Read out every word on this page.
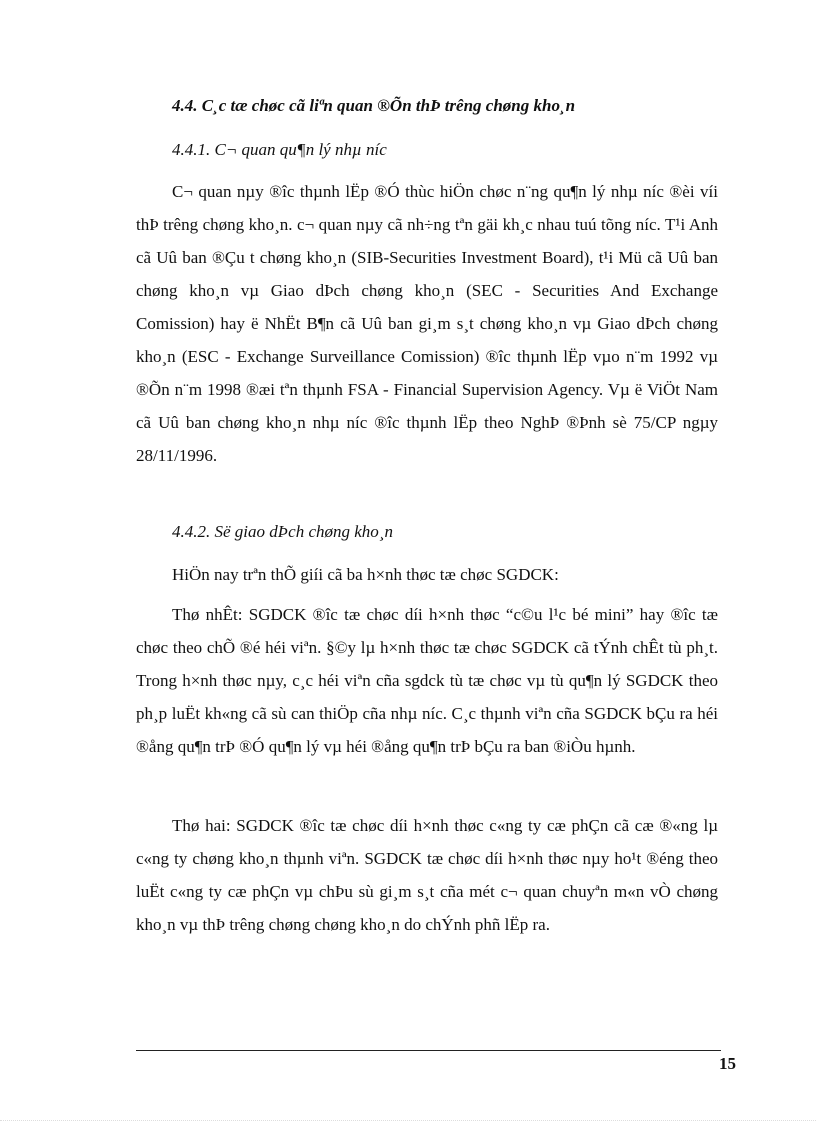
4.4. C¸c tæ chøc cã liªn quan ®Õn thÞ trêng chøng kho¸n
4.4.1. C¬ quan qu¶n lý nhµ níc

C¬ quan nµy ®îc thµnh lËp ®Ó thùc hiÖn chøc n¨ng qu¶n lý nhµ níc ®èi víi thÞ trêng chøng kho¸n. c¬ quan nµy cã nh÷ng tªn gäi kh¸c nhau tuú tõng níc. T¹i Anh cã Uû ban ®Çu t chøng kho¸n (SIB-Securities Investment Board), t¹i Mü cã Uû ban chøng kho¸n vµ Giao dÞch chøng kho¸n (SEC - Securities And Exchange Comission) hay ë NhËt B¶n cã Uû ban gi¸m s¸t chøng kho¸n vµ Giao dÞch chøng kho¸n (ESC - Exchange Surveillance Comission) ®îc thµnh lËp vµo n¨m 1992 vµ ®Õn n¨m 1998 ®æi tªn thµnh FSA - Financial Supervision Agency. Vµ ë ViÖt Nam cã Uû ban chøng kho¸n nhµ níc ®îc thµnh lËp theo NghÞ ®Þnh sè 75/CP ngµy 28/11/1996.

4.4.2. Së giao dÞch chøng kho¸n

HiÖn nay trªn thÕ giíi cã ba h×nh thøc tæ chøc SGDCK:

Thø nhÊt: SGDCK ®îc tæ chøc díi h×nh thøc “c©u l¹c bé mini” hay ®îc tæ chøc theo chÕ ®é héi viªn. §©y lµ h×nh thøc tæ chøc SGDCK cã tÝnh chÊt tù ph¸t. Trong h×nh thøc nµy, c¸c héi viªn cña sgdck tù tæ chøc vµ tù qu¶n lý SGDCK theo ph¸p luËt kh«ng cã sù can thiÖp cña nhµ níc. C¸c thµnh viªn cña SGDCK bÇu ra héi ®ång qu¶n trÞ ®Ó qu¶n lý vµ héi ®ång qu¶n trÞ bÇu ra ban ®iÒu hµnh.

Thø hai: SGDCK ®îc tæ chøc díi h×nh thøc c«ng ty cæ phÇn cã cæ ®«ng lµ c«ng ty chøng kho¸n thµnh viªn. SGDCK tæ chøc díi h×nh thøc nµy ho¹t ®éng theo luËt c«ng ty cæ phÇn vµ chÞu sù gi¸m s¸t cña mét c¬ quan chuyªn m«n vÒ chøng kho¸n vµ thÞ trêng chøng chøng kho¸n do chÝnh phñ lËp ra.

15
